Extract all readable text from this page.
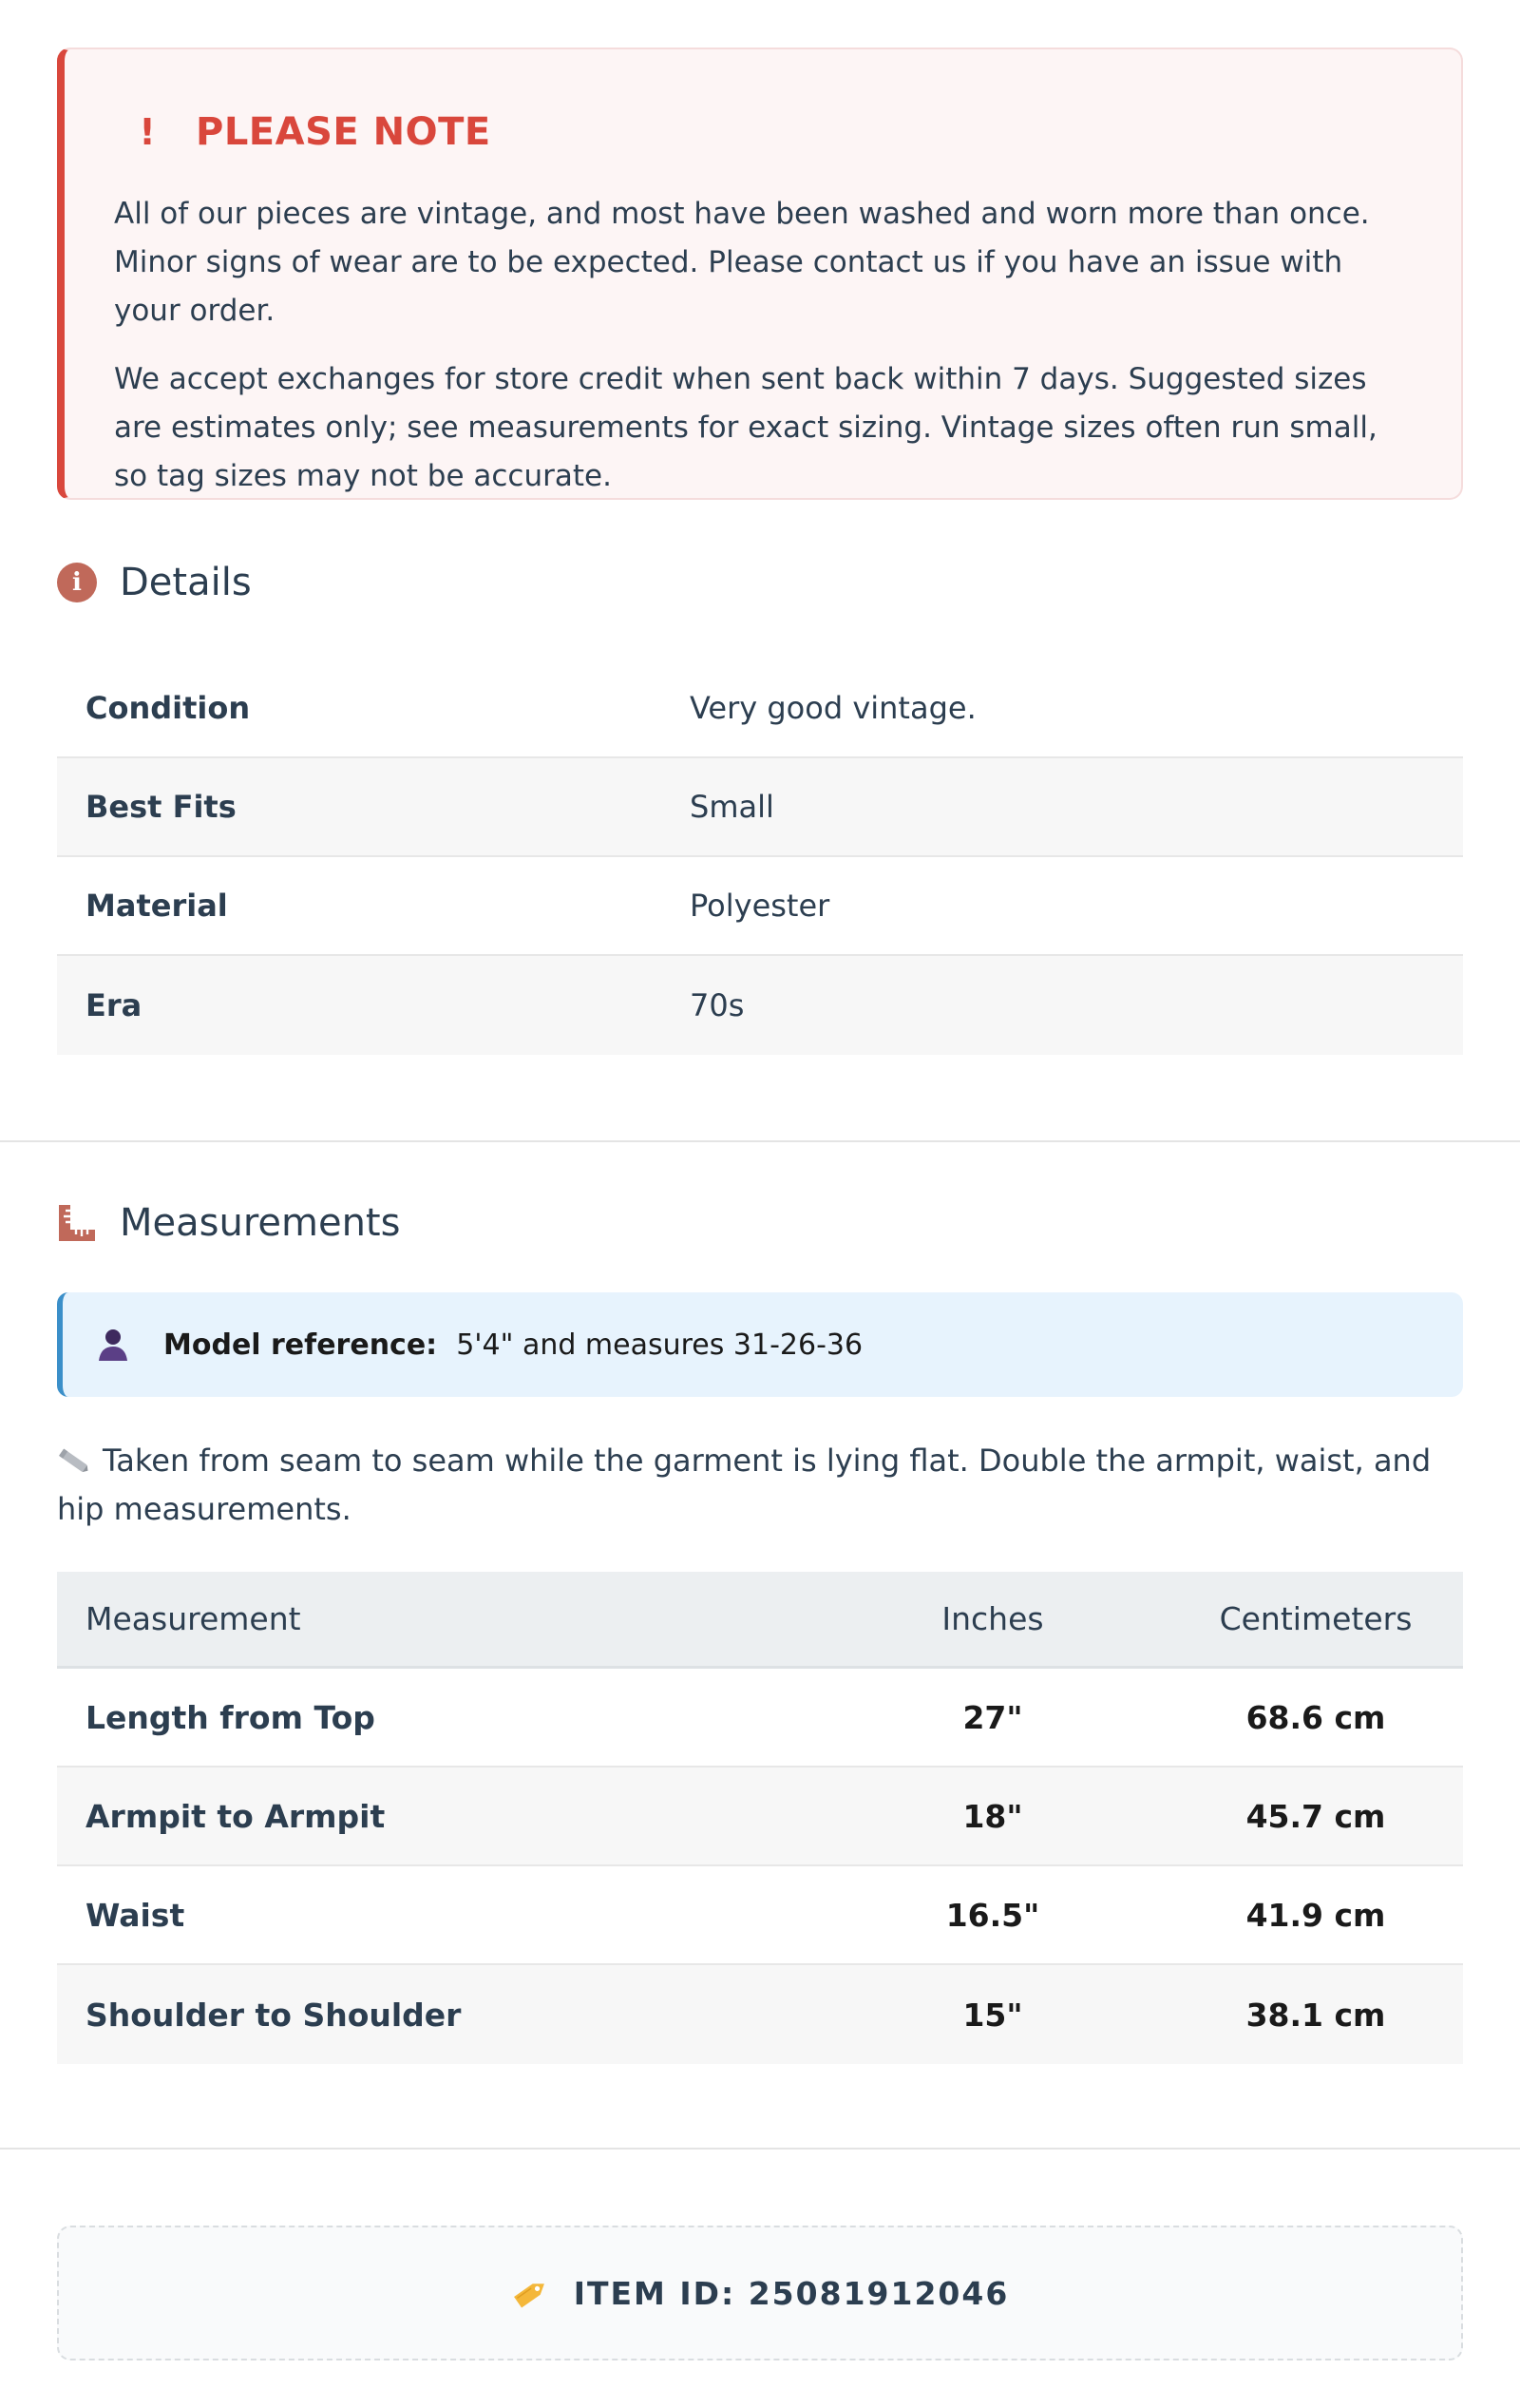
! PLEASE NOTE

All of our pieces are vintage, and most have been washed and worn more than once. Minor signs of wear are to be expected. Please contact us if you have an issue with your order.

We accept exchanges for store credit when sent back within 7 days. Suggested sizes are estimates only; see measurements for exact sizing. Vintage sizes often run small, so tag sizes may not be accurate.

i	Details
Condition	Very good vintage.
Best Fits	Small
Material	Polyester
Era	70s
Measurements
Model reference: 5'4" and measures 31-26-36

Taken from seam to seam while the garment is lying flat. Double the armpit, waist, and hip measurements.

Measurement	Inches	Centimeters
Length from Top	27"	68.6 cm
Armpit to Armpit	18"	45.7 cm
Waist	16.5"	41.9 cm
Shoulder to Shoulder	15"	38.1 cm
ITEM ID: 25081912046
